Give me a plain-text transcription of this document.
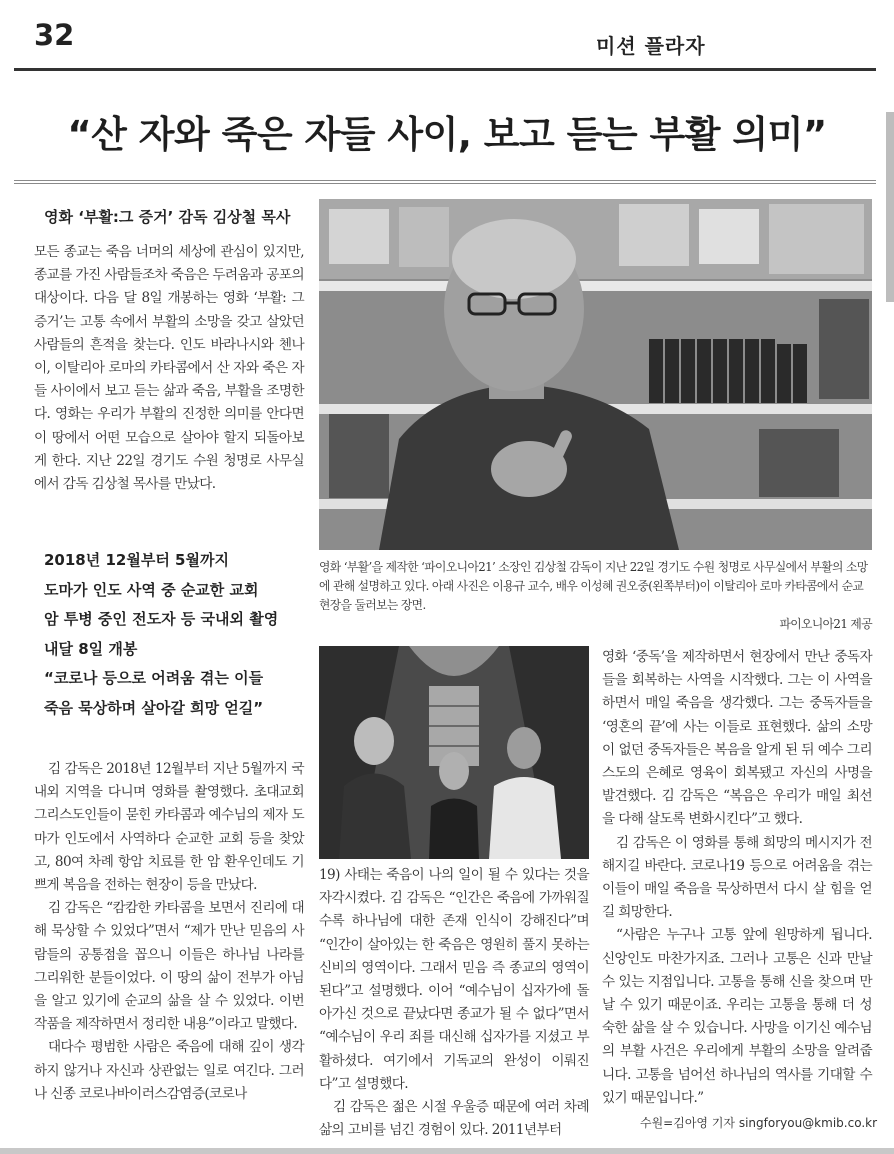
32	미션 플라자
“산 자와 죽은 자들 사이, 보고 듣는 부활 의미”
영화 ‘부활:그 증거’ 감독 김상철 목사

모든 종교는 죽음 너머의 세상에 관심이 있지만, 종교를 가진 사람들조차 죽음은 두려움과 공포의 대상이다. 다음 달 8일 개봉하는 영화 ‘부활: 그 증거’는 고통 속에서 부활의 소망을 갖고 살았던 사람들의 흔적을 찾는다. 인도 바라나시와 첸나이, 이탈리아 로마의 카타콤에서 산 자와 죽은 자들 사이에서 보고 듣는 삶과 죽음, 부활을 조명한다. 영화는 우리가 부활의 진정한 의미를 안다면 이 땅에서 어떤 모습으로 살아야 할지 되돌아보게 한다. 지난 22일 경기도 수원 청명로 사무실에서 감독 김상철 목사를 만났다.

2018년 12월부터 5월까지
도마가 인도 사역 중 순교한 교회
암 투병 중인 전도자 등 국내외 촬영
내달 8일 개봉
“코로나 등으로 어려움 겪는 이들
죽음 묵상하며 살아갈 희망 얻길”

김 감독은 2018년 12월부터 지난 5월까지 국내외 지역을 다니며 영화를 촬영했다. 초대교회 그리스도인들이 묻힌 카타콤과 예수님의 제자 도마가 인도에서 사역하다 순교한 교회 등을 찾았고, 80여 차례 항암 치료를 한 암 환우인데도 기쁘게 복음을 전하는 현장이 등을 만났다.

김 감독은 “캄캄한 카타콤을 보면서 진리에 대해 묵상할 수 있었다”면서 “제가 만난 믿음의 사람들의 공통점을 꼽으니 이들은 하나님 나라를 그리워한 분들이었다. 이 땅의 삶이 전부가 아님을 알고 있기에 순교의 삶을 살 수 있었다. 이번 작품을 제작하면서 정리한 내용”이라고 말했다.

대다수 평범한 사람은 죽음에 대해 깊이 생각하지 않거나 자신과 상관없는 일로 여긴다. 그러나 신종 코로나바이러스감염증(코로나

영화 ‘부활’을 제작한 ‘파이오니아21’ 소장인 김상철 감독이 지난 22일 경기도 수원 청명로 사무실에서 부활의 소망에 관해 설명하고 있다. 아래 사진은 이용규 교수, 배우 이성혜 권오중(왼쪽부터)이 이탈리아 로마 카타콤에서 순교 현장을 둘러보는 장면.
파이오니아21 제공

19) 사태는 죽음이 나의 일이 될 수 있다는 것을 자각시켰다. 김 감독은 “인간은 죽음에 가까워질수록 하나님에 대한 존재 인식이 강해진다”며 “인간이 살아있는 한 죽음은 영원히 풀지 못하는 신비의 영역이다. 그래서 믿음 즉 종교의 영역이 된다”고 설명했다. 이어 “예수님이 십자가에 돌아가신 것으로 끝났다면 종교가 될 수 없다”면서 “예수님이 우리 죄를 대신해 십자가를 지셨고 부활하셨다. 여기에서 기독교의 완성이 이뤄진다”고 설명했다.

김 감독은 젊은 시절 우울증 때문에 여러 차례 삶의 고비를 넘긴 경험이 있다. 2011년부터

영화 ‘중독’을 제작하면서 현장에서 만난 중독자들을 회복하는 사역을 시작했다. 그는 이 사역을 하면서 매일 죽음을 생각했다. 그는 중독자들을 ‘영혼의 끝’에 사는 이들로 표현했다. 삶의 소망이 없던 중독자들은 복음을 알게 된 뒤 예수 그리스도의 은혜로 영육이 회복됐고 자신의 사명을 발견했다. 김 감독은 “복음은 우리가 매일 최선을 다해 살도록 변화시킨다”고 했다.

김 감독은 이 영화를 통해 희망의 메시지가 전해지길 바란다. 코로나19 등으로 어려움을 겪는 이들이 매일 죽음을 묵상하면서 다시 살 힘을 얻길 희망한다.

“사람은 누구나 고통 앞에 원망하게 됩니다. 신앙인도 마찬가지죠. 그러나 고통은 신과 만날 수 있는 지점입니다. 고통을 통해 신을 찾으며 만날 수 있기 때문이죠. 우리는 고통을 통해 더 성숙한 삶을 살 수 있습니다. 사망을 이기신 예수님의 부활 사건은 우리에게 부활의 소망을 알려줍니다. 고통을 넘어선 하나님의 역사를 기대할 수 있기 때문입니다.”

수원=김아영 기자 singforyou@kmib.co.kr
